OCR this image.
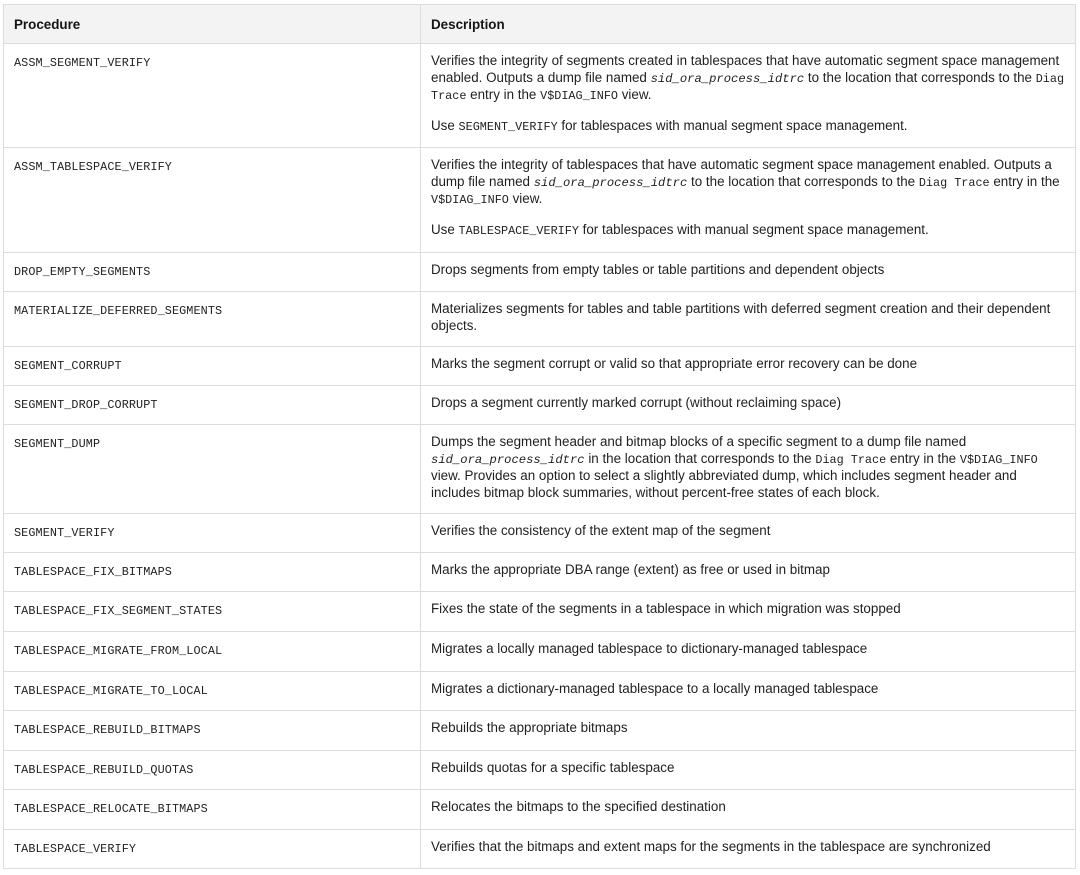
Procedure	Description
ASSM_SEGMENT_VERIFY	Verifies the integrity of segments created in tablespaces that have automatic segment space management enabled. Outputs a dump file named sid_ora_process_idtrc to the location that corresponds to the Diag Trace entry in the V$DIAG_INFO view.

Use SEGMENT_VERIFY for tablespaces with manual segment space management.

ASSM_TABLESPACE_VERIFY	Verifies the integrity of tablespaces that have automatic segment space management enabled. Outputs a dump file named sid_ora_process_idtrc to the location that corresponds to the Diag Trace entry in the V$DIAG_INFO view.

Use TABLESPACE_VERIFY for tablespaces with manual segment space management.

DROP_EMPTY_SEGMENTS	Drops segments from empty tables or table partitions and dependent objects
MATERIALIZE_DEFERRED_SEGMENTS	Materializes segments for tables and table partitions with deferred segment creation and their dependent objects.
SEGMENT_CORRUPT	Marks the segment corrupt or valid so that appropriate error recovery can be done
SEGMENT_DROP_CORRUPT	Drops a segment currently marked corrupt (without reclaiming space)
SEGMENT_DUMP	Dumps the segment header and bitmap blocks of a specific segment to a dump file named sid_ora_process_idtrc in the location that corresponds to the Diag Trace entry in the V$DIAG_INFO view. Provides an option to select a slightly abbreviated dump, which includes segment header and includes bitmap block summaries, without percent-free states of each block.

SEGMENT_VERIFY	Verifies the consistency of the extent map of the segment
TABLESPACE_FIX_BITMAPS	Marks the appropriate DBA range (extent) as free or used in bitmap
TABLESPACE_FIX_SEGMENT_STATES	Fixes the state of the segments in a tablespace in which migration was stopped
TABLESPACE_MIGRATE_FROM_LOCAL	Migrates a locally managed tablespace to dictionary-managed tablespace
TABLESPACE_MIGRATE_TO_LOCAL	Migrates a dictionary-managed tablespace to a locally managed tablespace
TABLESPACE_REBUILD_BITMAPS	Rebuilds the appropriate bitmaps
TABLESPACE_REBUILD_QUOTAS	Rebuilds quotas for a specific tablespace
TABLESPACE_RELOCATE_BITMAPS	Relocates the bitmaps to the specified destination
TABLESPACE_VERIFY	Verifies that the bitmaps and extent maps for the segments in the tablespace are synchronized
